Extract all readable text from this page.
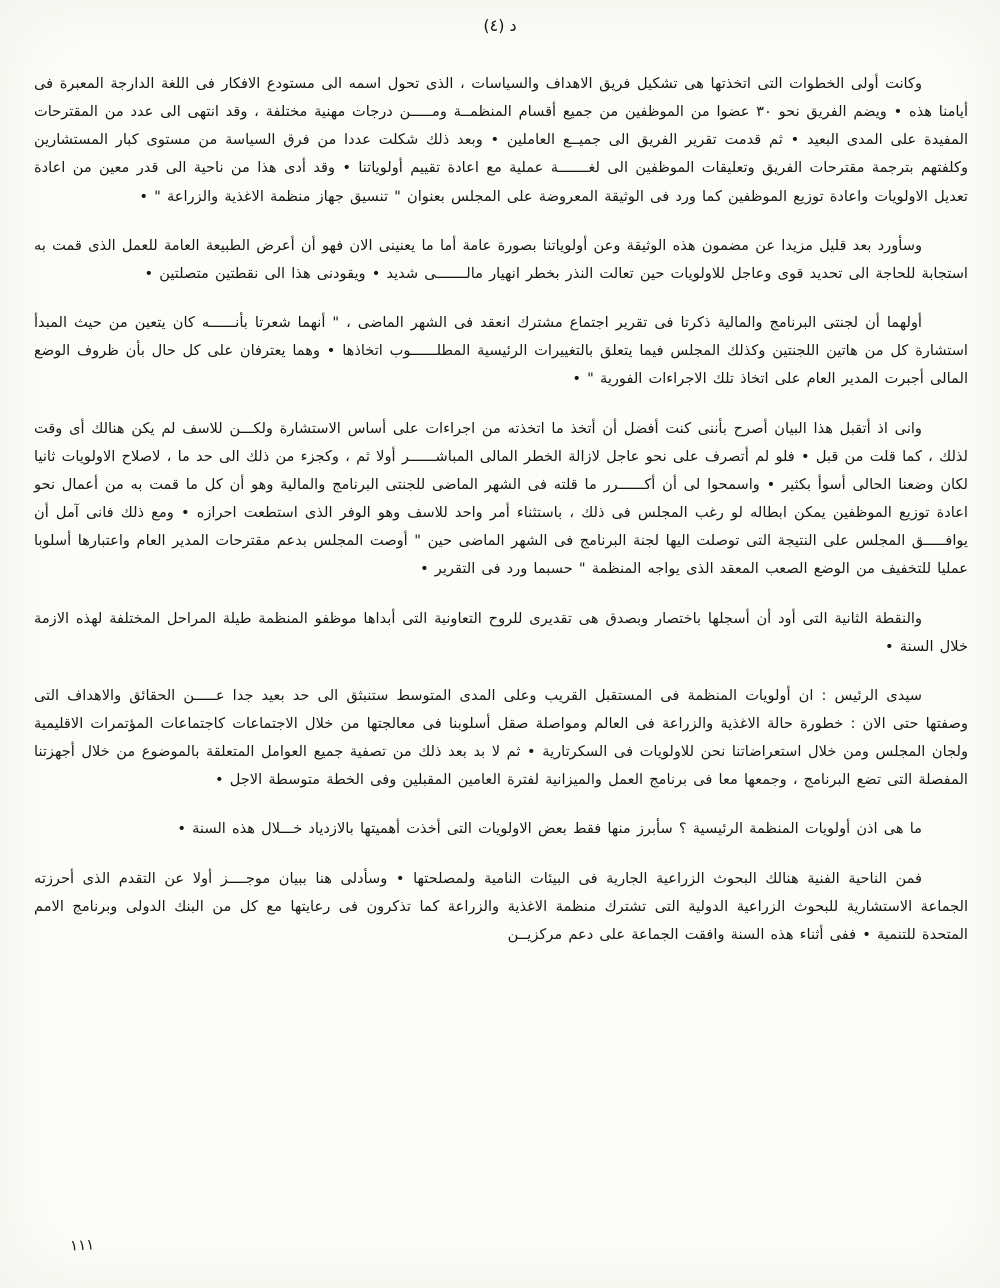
د (٤)

وكانت أولى الخطوات التى اتخذتها هى تشكيل فريق الاهداف والسياسات ، الذى تحول اسمه الى مستودع الافكار فى اللغة الدارجة المعبرة فى أيامنا هذه • ويضم الفريق نحو ٣٠ عضوا من الموظفين من جميع أقسام المنظمــة ومـــــن درجات مهنية مختلفة ، وقد انتهى الى عدد من المقترحات المفيدة على المدى البعيد • ثم قدمت تقرير الفريق الى جميــع العاملين • وبعد ذلك شكلت عددا من فرق السياسة من مستوى كبار المستشارين وكلفتهم بترجمة مقترحات الفريق وتعليقات الموظفين الى لغـــــــة عملية مع اعادة تقييم أولوياتنا • وقد أدى هذا من ناحية الى قدر معين من اعادة تعديل الاولويات واعادة توزيع الموظفين كما ورد فى الوثيقة المعروضة على المجلس بعنوان " تنسيق جهاز منظمة الاغذية والزراعة " •

وسأورد بعد قليل مزيدا عن مضمون هذه الوثيقة وعن أولوياتنا بصورة عامة أما ما يعنينى الان فهو أن أعرض الطبيعة العامة للعمل الذى قمت به استجابة للحاجة الى تحديد قوى وعاجل للاولويات حين تعالت النذر بخطر انهيار مالـــــــى شديد • ويقودنى هذا الى نقطتين متصلتين •

أولهما أن لجنتى البرنامج والمالية ذكرتا فى تقرير اجتماع مشترك انعقد فى الشهر الماضى ، " أنهما شعرتا بأنــــــه كان يتعين من حيث المبدأ استشارة كل من هاتين اللجنتين وكذلك المجلس فيما يتعلق بالتغييرات الرئيسية المطلــــــوب اتخاذها • وهما يعترفان على كل حال بأن ظروف الوضع المالى أجبرت المدير العام على اتخاذ تلك الاجراءات الفورية " •

وانى اذ أتقبل هذا البيان أصرح بأننى كنت أفضل أن أتخذ ما اتخذته من اجراءات على أساس الاستشارة ولكـــن للاسف لم يكن هنالك أى وقت لذلك ، كما قلت من قبل • فلو لم أتصرف على نحو عاجل لازالة الخطر المالى المباشــــــر أولا ثم ، وكجزء من ذلك الى حد ما ، لاصلاح الاولويات ثانيا لكان وضعنا الحالى أسوأ بكثير • واسمحوا لى أن أكــــــرر ما قلته فى الشهر الماضى للجنتى البرنامج والمالية وهو أن كل ما قمت به من أعمال نحو اعادة توزيع الموظفين يمكن ابطاله لو رغب المجلس فى ذلك ، باستثناء أمر واحد للاسف وهو الوفر الذى استطعت احرازه • ومع ذلك فانى آمل أن يوافـــــق المجلس على النتيجة التى توصلت اليها لجنة البرنامج فى الشهر الماضى حين " أوصت المجلس بدعم مقترحات المدير العام واعتبارها أسلوبا عمليا للتخفيف من الوضع الصعب المعقد الذى يواجه المنظمة " حسبما ورد فى التقرير •

والنقطة الثانية التى أود أن أسجلها باختصار وبصدق هى تقديرى للروح التعاونية التى أبداها موظفو المنظمة طيلة المراحل المختلفة لهذه الازمة خلال السنة •

سيدى الرئيس : ان أولويات المنظمة فى المستقبل القريب وعلى المدى المتوسط ستنبثق الى حد بعيد جدا عـــــن الحقائق والاهداف التى وصفتها حتى الان : خطورة حالة الاغذية والزراعة فى العالم ومواصلة صقل أسلوبنا فى معالجتها من خلال الاجتماعات كاجتماعات المؤتمرات الاقليمية ولجان المجلس ومن خلال استعراضاتنا نحن للاولويات فى السكرتارية • ثم لا بد بعد ذلك من تصفية جميع العوامل المتعلقة بالموضوع من خلال أجهزتنا المفصلة التى تضع البرنامج ، وجمعها معا فى برنامج العمل والميزانية لفترة العامين المقبلين وفى الخطة متوسطة الاجل •

ما هى اذن أولويات المنظمة الرئيسية ؟ سأبرز منها فقط بعض الاولويات التى أخذت أهميتها بالازدياد خـــلال هذه السنة •

فمن الناحية الفنية هنالك البحوث الزراعية الجارية فى البيئات النامية ولمصلحتها • وسأدلى هنا ببيان موجــــز أولا عن التقدم الذى أحرزته الجماعة الاستشارية للبحوث الزراعية الدولية التى تشترك منظمة الاغذية والزراعة كما تذكرون فى رعايتها مع كل من البنك الدولى وبرنامج الامم المتحدة للتنمية • ففى أثناء هذه السنة وافقت الجماعة على دعم مركزيــن

١١١
